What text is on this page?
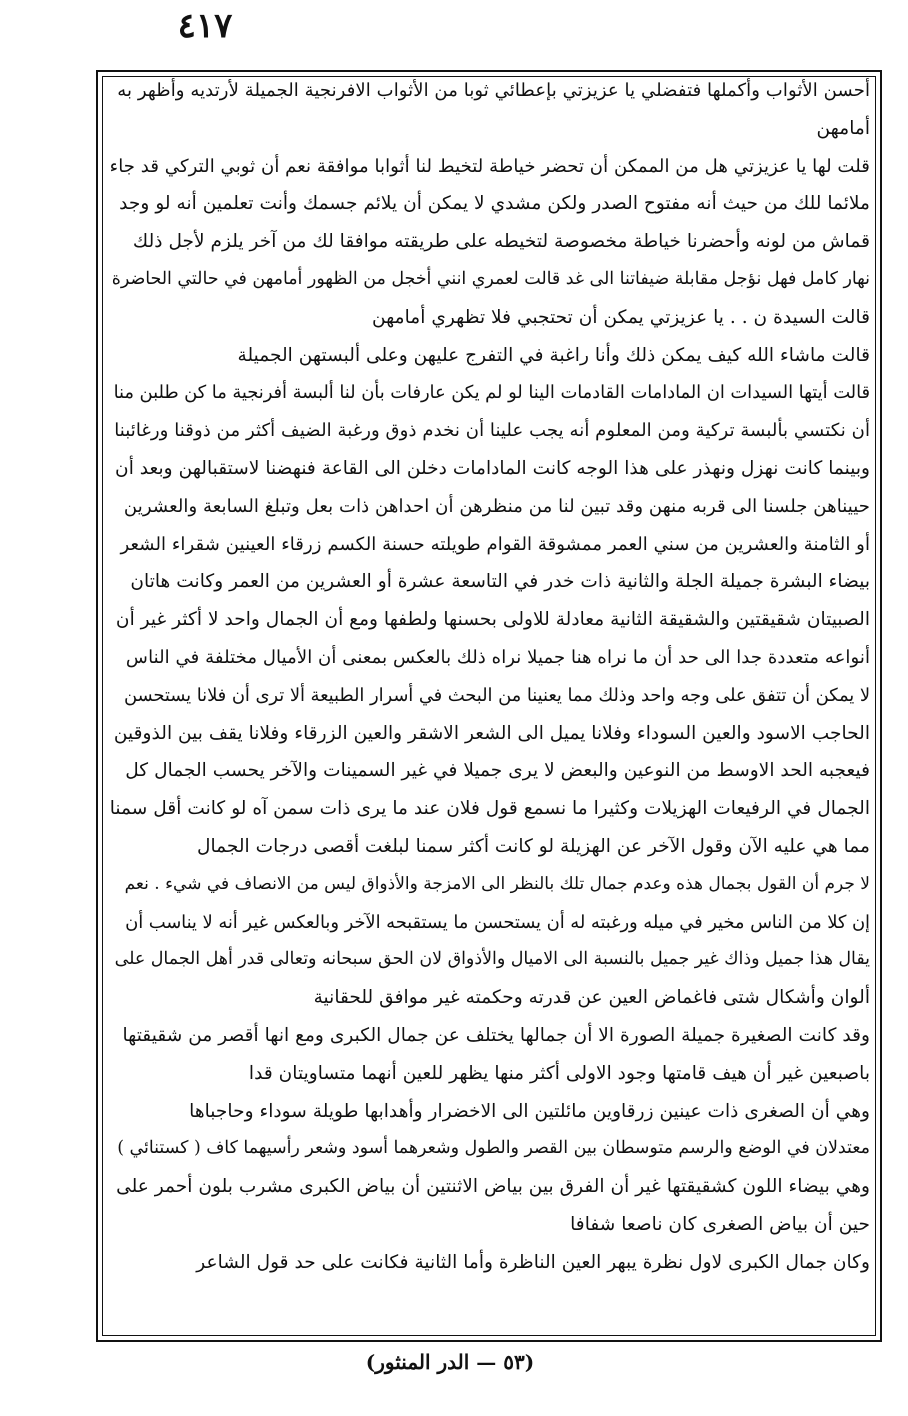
٤١٧
أحسن الأثواب وأكملها فتفضلي يا عزيزتي بإعطائي ثوبا من الأثواب الافرنجية الجميلة لأرتديه وأظهر به
أمامهن
قلت لها يا عزيزتي هل من الممكن أن تحضر خياطة لتخيط لنا أثوابا موافقة نعم أن ثوبي التركي قد جاء
ملائما للك من حيث أنه مفتوح الصدر ولكن مشدي لا يمكن أن يلائم جسمك وأنت تعلمين أنه لو وجد
قماش من لونه وأحضرنا خياطة مخصوصة لتخيطه على طريقته موافقا لك من آخر يلزم لأجل ذلك
نهار كامل فهل نؤجل مقابلة ضيفاتنا الى غد قالت لعمري انني أخجل من الظهور أمامهن في حالتي الحاضرة
قالت السيدة ن . . يا عزيزتي يمكن أن تحتجبي فلا تظهري أمامهن
قالت ماشاء الله كيف يمكن ذلك وأنا راغبة في التفرج عليهن وعلى ألبستهن الجميلة
قالت أيتها السيدات ان المادامات القادمات الينا لو لم يكن عارفات بأن لنا ألبسة أفرنجية ما كن طلبن منا
أن نكتسي بألبسة تركية ومن المعلوم أنه يجب علينا أن نخدم ذوق ورغبة الضيف أكثر من ذوقنا ورغائبنا
وبينما كانت نهزل ونهذر على هذا الوجه كانت المادامات دخلن الى القاعة فنهضنا لاستقبالهن وبعد أن
حييناهن جلسنا الى قربه منهن وقد تبين لنا من منظرهن أن احداهن ذات بعل وتبلغ السابعة والعشرين
أو الثامنة والعشرين من سني العمر ممشوقة القوام طويلته حسنة الكسم زرقاء العينين شقراء الشعر
بيضاء البشرة جميلة الجلة والثانية ذات خدر في التاسعة عشرة أو العشرين من العمر وكانت هاتان
الصبيتان شقيقتين والشقيقة الثانية معادلة للاولى بحسنها ولطفها ومع أن الجمال واحد لا أكثر غير أن
أنواعه متعددة جدا الى حد أن ما نراه هنا جميلا نراه ذلك بالعكس بمعنى أن الأميال مختلفة في الناس
لا يمكن أن تتفق على وجه واحد وذلك مما يعنينا من البحث في أسرار الطبيعة ألا ترى أن فلانا يستحسن
الحاجب الاسود والعين السوداء وفلانا يميل الى الشعر الاشقر والعين الزرقاء وفلانا يقف بين الذوقين
فيعجبه الحد الاوسط من النوعين والبعض لا يرى جميلا في غير السمينات والآخر يحسب الجمال كل
الجمال في الرفيعات الهزيلات وكثيرا ما نسمع قول فلان عند ما يرى ذات سمن آه لو كانت أقل سمنا
مما هي عليه الآن وقول الآخر عن الهزيلة لو كانت أكثر سمنا لبلغت أقصى درجات الجمال
لا جرم أن القول بجمال هذه وعدم جمال تلك بالنظر الى الامزجة والأذواق ليس من الانصاف في شيء . نعم
إن كلا من الناس مخير في ميله ورغبته له أن يستحسن ما يستقبحه الآخر وبالعكس غير أنه لا يناسب أن
يقال هذا جميل وذاك غير جميل بالنسبة الى الاميال والأذواق لان الحق سبحانه وتعالى قدر أهل الجمال على
ألوان وأشكال شتى فاغماض العين عن قدرته وحكمته غير موافق للحقانية
وقد كانت الصغيرة جميلة الصورة الا أن جمالها يختلف عن جمال الكبرى ومع انها أقصر من شقيقتها
باصبعين غير أن هيف قامتها وجود الاولى أكثر منها يظهر للعين أنهما متساويتان قدا
وهي أن الصغرى ذات عينين زرقاوين مائلتين الى الاخضرار وأهدابها طويلة سوداء وحاجباها
معتدلان في الوضع والرسم متوسطان بين القصر والطول وشعرهما أسود وشعر رأسيهما كاف ( كستنائي )
وهي بيضاء اللون كشقيقتها غير أن الفرق بين بياض الاثنتين أن بياض الكبرى مشرب بلون أحمر على
حين أن بياض الصغرى كان ناصعا شفافا
وكان جمال الكبرى لاول نظرة يبهر العين الناظرة وأما الثانية فكانت على حد قول الشاعر
(٥٣ — الدر المنثور)
